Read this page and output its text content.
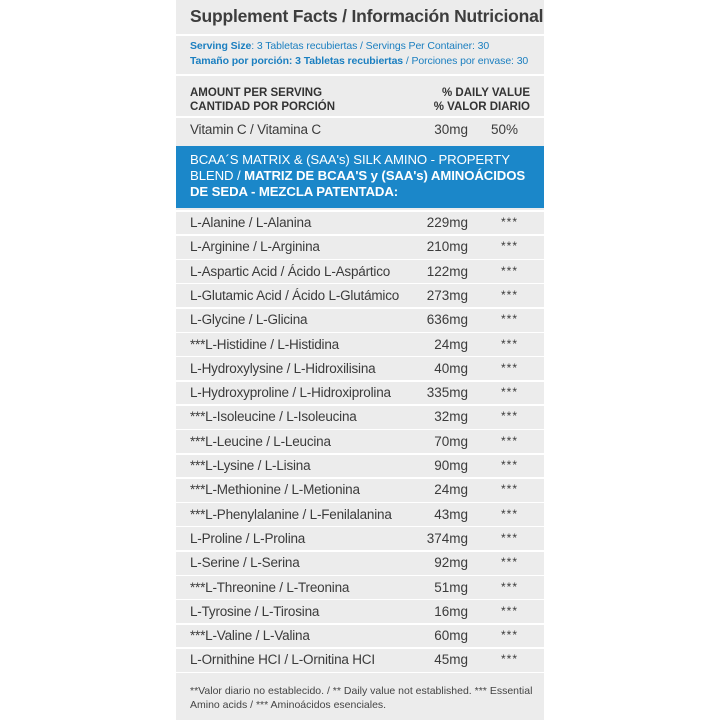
Supplement Facts / Información Nutricional
Serving Size: 3 Tabletas recubiertas / Servings Per Container: 30
Tamaño por porción: 3 Tabletas recubiertas / Porciones por envase: 30
AMOUNT PER SERVING
CANTIDAD POR PORCIÓN
% DAILY VALUE
% VALOR DIARIO
Vitamin C / Vitamina C	30mg 50%
BCAA´S MATRIX & (SAA's) SILK AMINO - PROPERTY BLEND / MATRIZ DE BCAA'S y (SAA's) AMINOÁCIDOS DE SEDA - MEZCLA PATENTADA:
L-Alanine / L-Alanina	229mg	***
L-Arginine / L-Arginina	210mg	***
L-Aspartic Acid / Ácido L-Aspártico	122mg	***
L-Glutamic Acid / Ácido L-Glutámico 273mg	***
L-Glycine / L-Glicina	636mg	***
***L-Histidine / L-Histidina	24mg	***
L-Hydroxylysine / L-Hidroxilisina	40mg	***
L-Hydroxyproline / L-Hidroxiprolina	335mg	***
***L-Isoleucine / L-Isoleucina	32mg	***
***L-Leucine / L-Leucina	70mg	***
***L-Lysine / L-Lisina	90mg	***
***L-Methionine / L-Metionina	24mg	***
***L-Phenylalanine / L-Fenilalanina	43mg	***
L-Proline / L-Prolina	374mg	***
L-Serine / L-Serina	92mg	***
***L-Threonine / L-Treonina	51mg	***
L-Tyrosine / L-Tirosina	16mg	***
***L-Valine / L-Valina	60mg	***
L-Ornithine HCI / L-Ornitina HCI	45mg	***
**Valor diario no establecido. / ** Daily value not established. *** Essential Amino acids / *** Aminoácidos esenciales.
